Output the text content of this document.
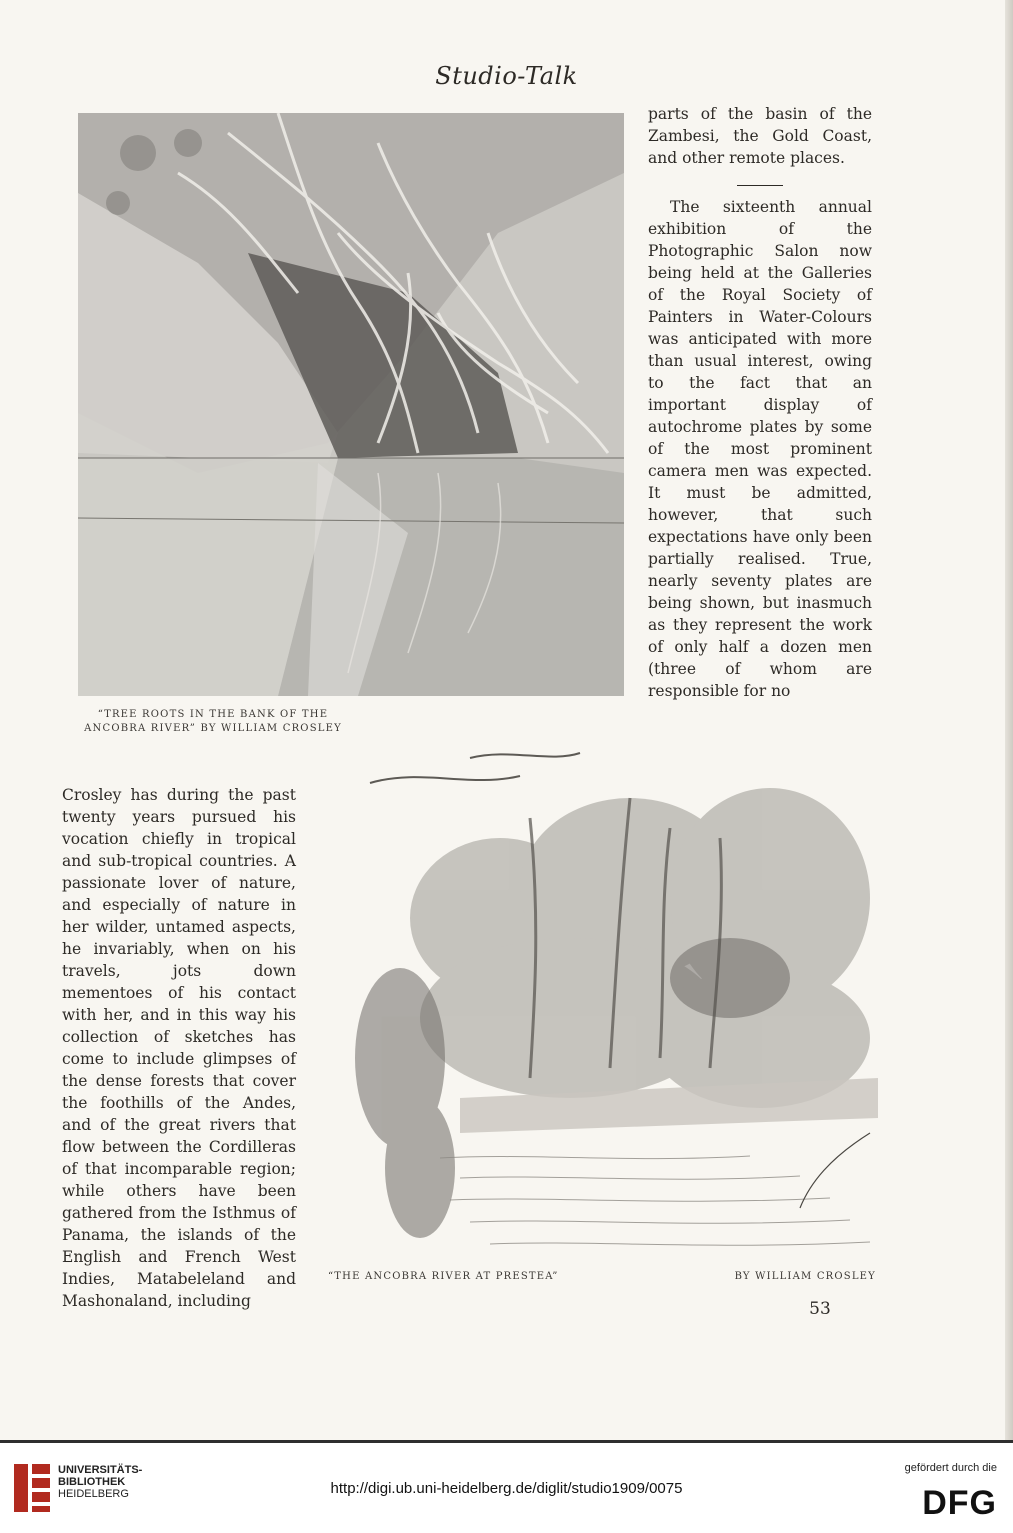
Studio-Talk
“TREE ROOTS IN THE BANK OF THE
ANCOBRA RIVER” BY WILLIAM CROSLEY

parts of the basin of the Zambesi, the Gold Coast, and other remote places.

The sixteenth annual exhibition of the Photographic Salon now being held at the Galleries of the Royal Society of Painters in Water-Colours was anticipated with more than usual interest, owing to the fact that an important display of autochrome plates by some of the most prominent camera men was expected. It must be admitted, however, that such expectations have only been partially realised. True, nearly seventy plates are being shown, but inasmuch as they represent the work of only half a dozen men (three of whom are responsible for no

Crosley has during the past twenty years pursued his vocation chiefly in tropical and sub-tropical countries. A passionate lover of nature, and especially of nature in her wilder, untamed aspects, he invariably, when on his travels, jots down mementoes of his contact with her, and in this way his collection of sketches has come to include glimpses of the dense forests that cover the foothills of the Andes, and of the great rivers that flow between the Cordilleras of that incomparable region; while others have been gathered from the Isthmus of Panama, the islands of the English and French West Indies, Matabeleland and Mashonaland, including

“THE ANCOBRA RIVER AT PRESTEA”	BY WILLIAM CROSLEY
53
UNIVERSITÄTS-
BIBLIOTHEK
HEIDELBERG	http://digi.ub.uni-heidelberg.de/diglit/studio1909/0075
gefördert durch die
DFG
